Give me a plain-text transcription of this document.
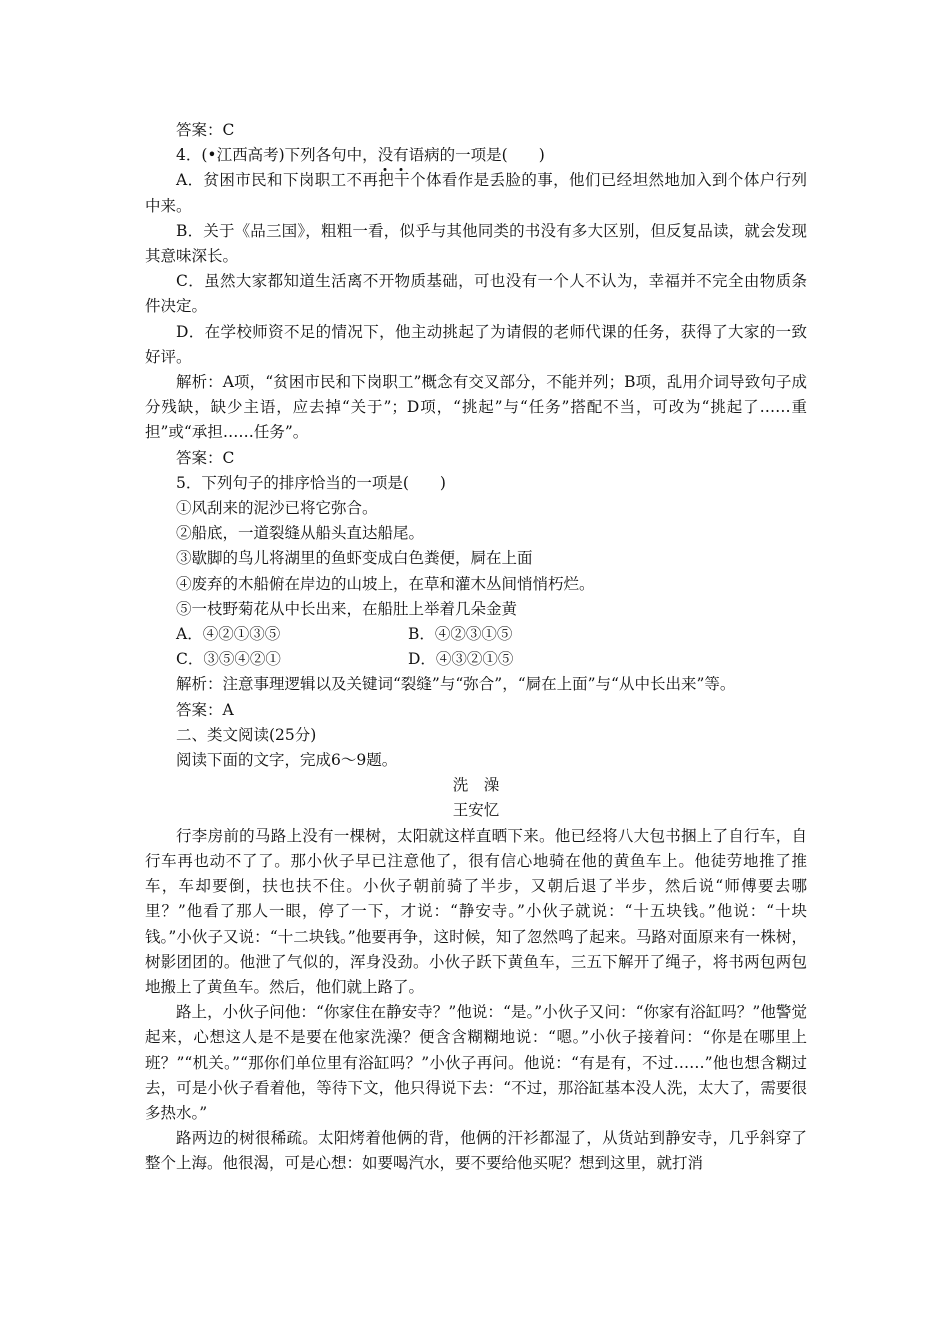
答案：C
4．(•江西高考)下列各句中，没有语病的一项是(　　)
A．贫困市民和下岗职工不再把干个体看作是丢脸的事，他们已经坦然地加入到个体户行列中来。
B．关于《品三国》，粗粗一看，似乎与其他同类的书没有多大区别，但反复品读，就会发现其意味深长。
C．虽然大家都知道生活离不开物质基础，可也没有一个人不认为，幸福并不完全由物质条件决定。
D．在学校师资不足的情况下，他主动挑起了为请假的老师代课的任务，获得了大家的一致好评。
解析：A项，“贫困市民和下岗职工”概念有交叉部分，不能并列；B项，乱用介词导致句子成分残缺，缺少主语，应去掉“关于”；D项，“挑起”与“任务”搭配不当，可改为“挑起了……重担”或“承担……任务”。
答案：C
5．下列句子的排序恰当的一项是(　　)
①风刮来的泥沙已将它弥合。
②船底，一道裂缝从船头直达船尾。
③歇脚的鸟儿将湖里的鱼虾变成白色粪便，屙在上面
④废弃的木船俯在岸边的山坡上，在草和灌木丛间悄悄朽烂。
⑤一枝野菊花从中长出来，在船肚上举着几朵金黄
A．④②①③⑤	B．④②③①⑤
C．③⑤④②①	D．④③②①⑤
解析：注意事理逻辑以及关键词“裂缝”与“弥合”，“屙在上面”与“从中长出来”等。
答案：A
二、类文阅读(25分)
阅读下面的文字，完成6～9题。
洗　澡
王安忆
行李房前的马路上没有一棵树，太阳就这样直晒下来。他已经将八大包书捆上了自行车，自行车再也动不了了。那小伙子早已注意他了，很有信心地骑在他的黄鱼车上。他徒劳地推了推车，车却要倒，扶也扶不住。小伙子朝前骑了半步，又朝后退了半步，然后说“师傅要去哪里？”他看了那人一眼，停了一下，才说：“静安寺。”小伙子就说：“十五块钱。”他说：“十块钱。”小伙子又说：“十二块钱。”他要再争，这时候，知了忽然鸣了起来。马路对面原来有一株树，树影团团的。他泄了气似的，浑身没劲。小伙子跃下黄鱼车，三五下解开了绳子，将书两包两包地搬上了黄鱼车。然后，他们就上路了。
路上，小伙子问他：“你家住在静安寺？”他说：“是。”小伙子又问：“你家有浴缸吗？”他警觉起来，心想这人是不是要在他家洗澡？便含含糊糊地说：“嗯。”小伙子接着问：“你是在哪里上班？”“机关。”“那你们单位里有浴缸吗？”小伙子再问。他说：“有是有，不过……”他也想含糊过去，可是小伙子看着他，等待下文，他只得说下去：“不过，那浴缸基本没人洗，太大了，需要很多热水。”
路两边的树很稀疏。太阳烤着他俩的背，他俩的汗衫都湿了，从货站到静安寺，几乎斜穿了整个上海。他很渴，可是心想：如要喝汽水，要不要给他买呢？想到这里，就打消
